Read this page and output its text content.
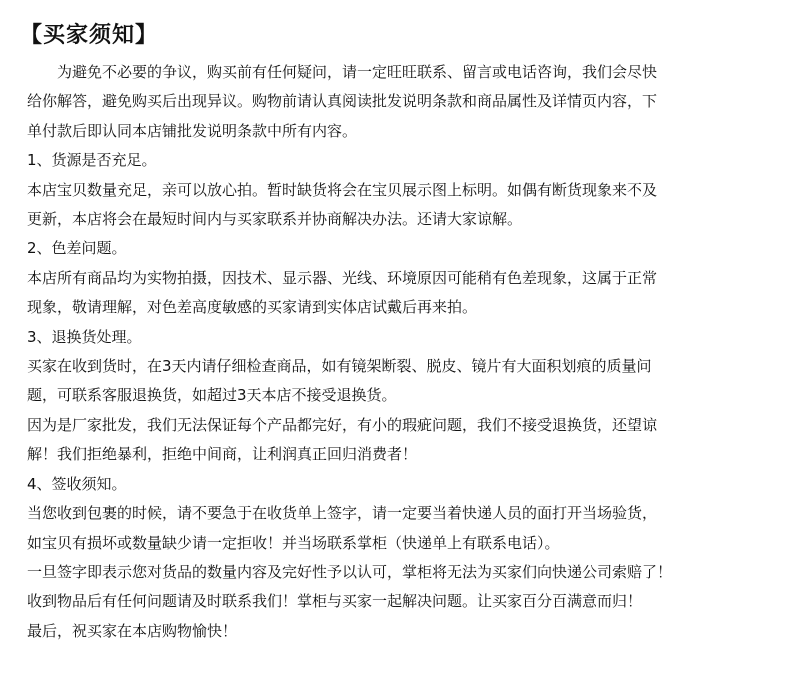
【买家须知】

为避免不必要的争议，购买前有任何疑问，请一定旺旺联系、留言或电话咨询，我们会尽快
给你解答，避免购买后出现异议。购物前请认真阅读批发说明条款和商品属性及详情页内容，下
单付款后即认同本店铺批发说明条款中所有内容。

1、货源是否充足。
本店宝贝数量充足，亲可以放心拍。暂时缺货将会在宝贝展示图上标明。如偶有断货现象来不及
更新，本店将会在最短时间内与买家联系并协商解决办法。还请大家谅解。
2、色差问题。
本店所有商品均为实物拍摄，因技术、显示器、光线、环境原因可能稍有色差现象，这属于正常
现象，敬请理解，对色差高度敏感的买家请到实体店试戴后再来拍。
3、退换货处理。
买家在收到货时，在3天内请仔细检查商品，如有镜架断裂、脱皮、镜片有大面积划痕的质量问
题，可联系客服退换货，如超过3天本店不接受退换货。
因为是厂家批发，我们无法保证每个产品都完好，有小的瑕疵问题，我们不接受退换货，还望谅
解！我们拒绝暴利，拒绝中间商，让利润真正回归消费者！
4、签收须知。
当您收到包裹的时候，请不要急于在收货单上签字，请一定要当着快递人员的面打开当场验货，
如宝贝有损坏或数量缺少请一定拒收！并当场联系掌柜（快递单上有联系电话）。
一旦签字即表示您对货品的数量内容及完好性予以认可，掌柜将无法为买家们向快递公司索赔了！
收到物品后有任何问题请及时联系我们！掌柜与买家一起解决问题。让买家百分百满意而归！
最后，祝买家在本店购物愉快！
